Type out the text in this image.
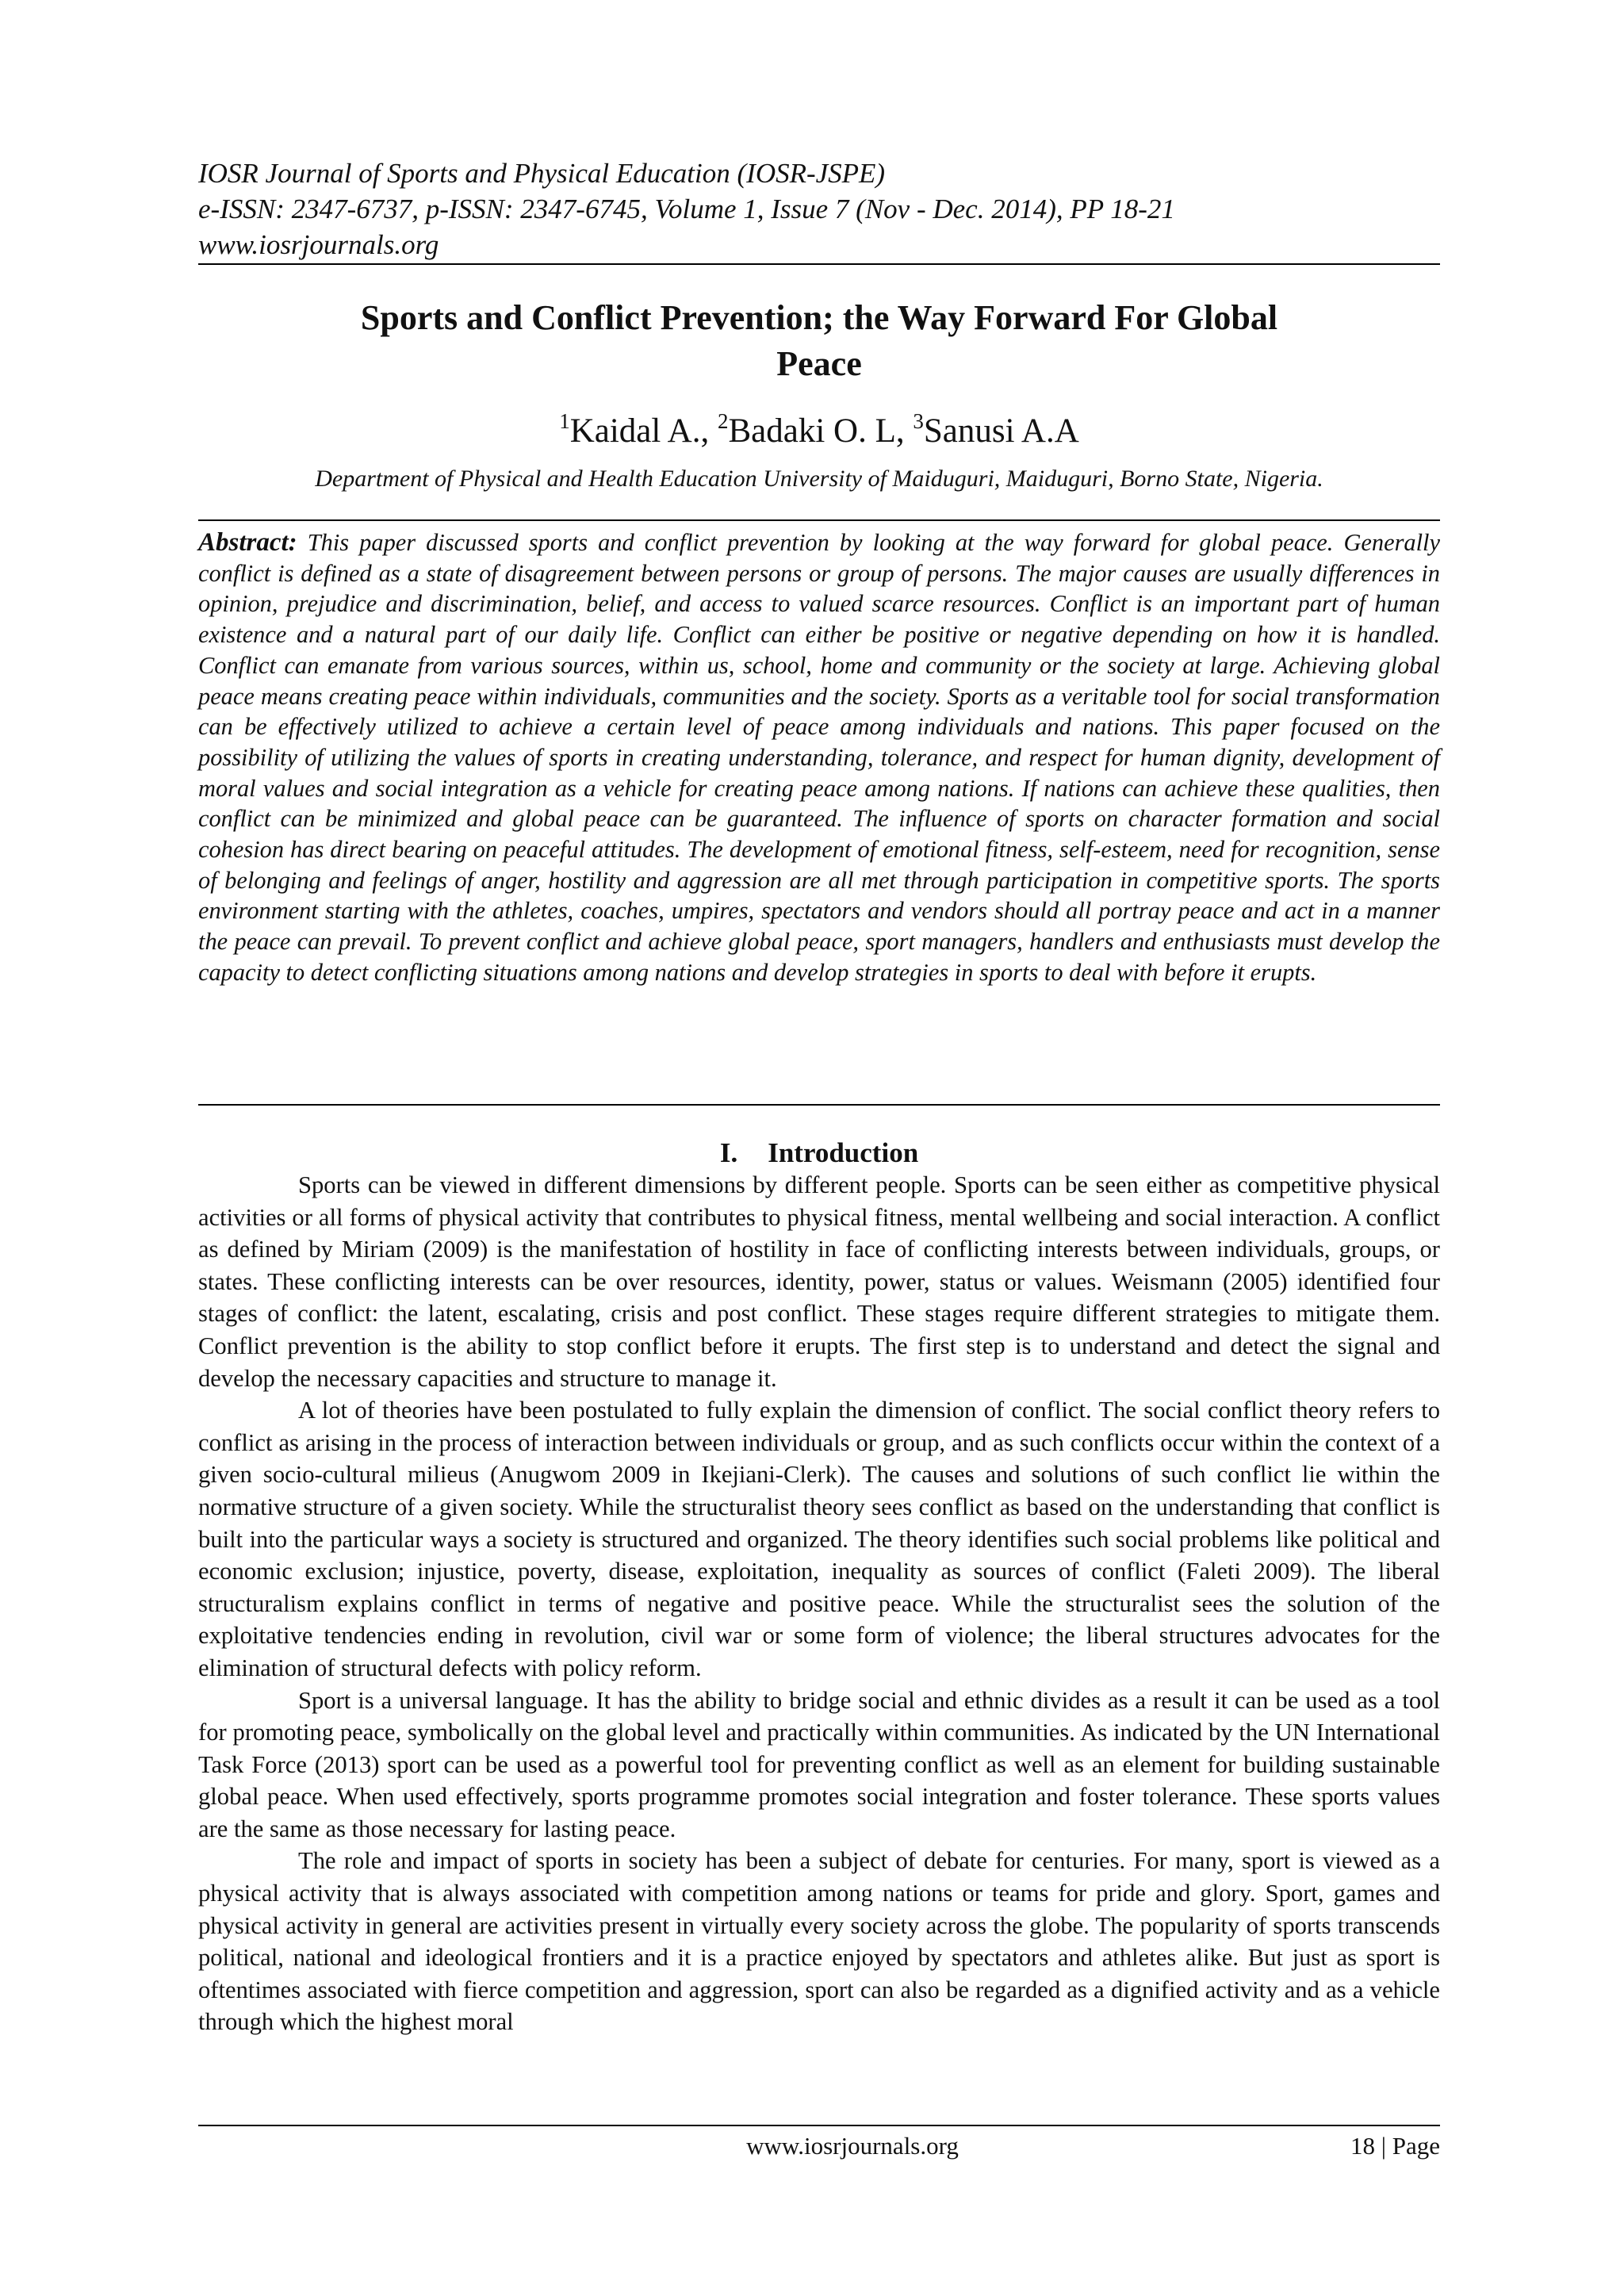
IOSR Journal of Sports and Physical Education (IOSR-JSPE)
e-ISSN: 2347-6737, p-ISSN: 2347-6745, Volume 1, Issue 7 (Nov - Dec. 2014), PP 18-21
www.iosrjournals.org
Sports and Conflict Prevention; the Way Forward For Global
Peace
$^1$Kaidal A., $^2$Badaki O. L, $^3$Sanusi A.A
Department of Physical and Health Education University of Maiduguri, Maiduguri, Borno State, Nigeria.

Abstract: This paper discussed sports and conflict prevention by looking at the way forward for global peace. Generally conflict is defined as a state of disagreement between persons or group of persons. The major causes are usually differences in opinion, prejudice and discrimination, belief, and access to valued scarce resources. Conflict is an important part of human existence and a natural part of our daily life. Conflict can either be positive or negative depending on how it is handled. Conflict can emanate from various sources, within us, school, home and community or the society at large. Achieving global peace means creating peace within individuals, communities and the society. Sports as a veritable tool for social transformation can be effectively utilized to achieve a certain level of peace among individuals and nations. This paper focused on the possibility of utilizing the values of sports in creating understanding, tolerance, and respect for human dignity, development of moral values and social integration as a vehicle for creating peace among nations. If nations can achieve these qualities, then conflict can be minimized and global peace can be guaranteed. The influence of sports on character formation and social cohesion has direct bearing on peaceful attitudes. The development of emotional fitness, self-esteem, need for recognition, sense of belonging and feelings of anger, hostility and aggression are all met through participation in competitive sports. The sports environment starting with the athletes, coaches, umpires, spectators and vendors should all portray peace and act in a manner the peace can prevail. To prevent conflict and achieve global peace, sport managers, handlers and enthusiasts must develop the capacity to detect conflicting situations among nations and develop strategies in sports to deal with before it erupts.

I. Introduction

Sports can be viewed in different dimensions by different people. Sports can be seen either as competitive physical activities or all forms of physical activity that contributes to physical fitness, mental wellbeing and social interaction. A conflict as defined by Miriam (2009) is the manifestation of hostility in face of conflicting interests between individuals, groups, or states. These conflicting interests can be over resources, identity, power, status or values. Weismann (2005) identified four stages of conflict: the latent, escalating, crisis and post conflict. These stages require different strategies to mitigate them. Conflict prevention is the ability to stop conflict before it erupts. The first step is to understand and detect the signal and develop the necessary capacities and structure to manage it.

A lot of theories have been postulated to fully explain the dimension of conflict. The social conflict theory refers to conflict as arising in the process of interaction between individuals or group, and as such conflicts occur within the context of a given socio-cultural milieus (Anugwom 2009 in Ikejiani-Clerk). The causes and solutions of such conflict lie within the normative structure of a given society. While the structuralist theory sees conflict as based on the understanding that conflict is built into the particular ways a society is structured and organized. The theory identifies such social problems like political and economic exclusion; injustice, poverty, disease, exploitation, inequality as sources of conflict (Faleti 2009). The liberal structuralism explains conflict in terms of negative and positive peace. While the structuralist sees the solution of the exploitative tendencies ending in revolution, civil war or some form of violence; the liberal structures advocates for the elimination of structural defects with policy reform.

Sport is a universal language. It has the ability to bridge social and ethnic divides as a result it can be used as a tool for promoting peace, symbolically on the global level and practically within communities. As indicated by the UN International Task Force (2013) sport can be used as a powerful tool for preventing conflict as well as an element for building sustainable global peace. When used effectively, sports programme promotes social integration and foster tolerance. These sports values are the same as those necessary for lasting peace.

The role and impact of sports in society has been a subject of debate for centuries. For many, sport is viewed as a physical activity that is always associated with competition among nations or teams for pride and glory. Sport, games and physical activity in general are activities present in virtually every society across the globe. The popularity of sports transcends political, national and ideological frontiers and it is a practice enjoyed by spectators and athletes alike. But just as sport is oftentimes associated with fierce competition and aggression, sport can also be regarded as a dignified activity and as a vehicle through which the highest moral

www.iosrjournals.org	18 | Page
